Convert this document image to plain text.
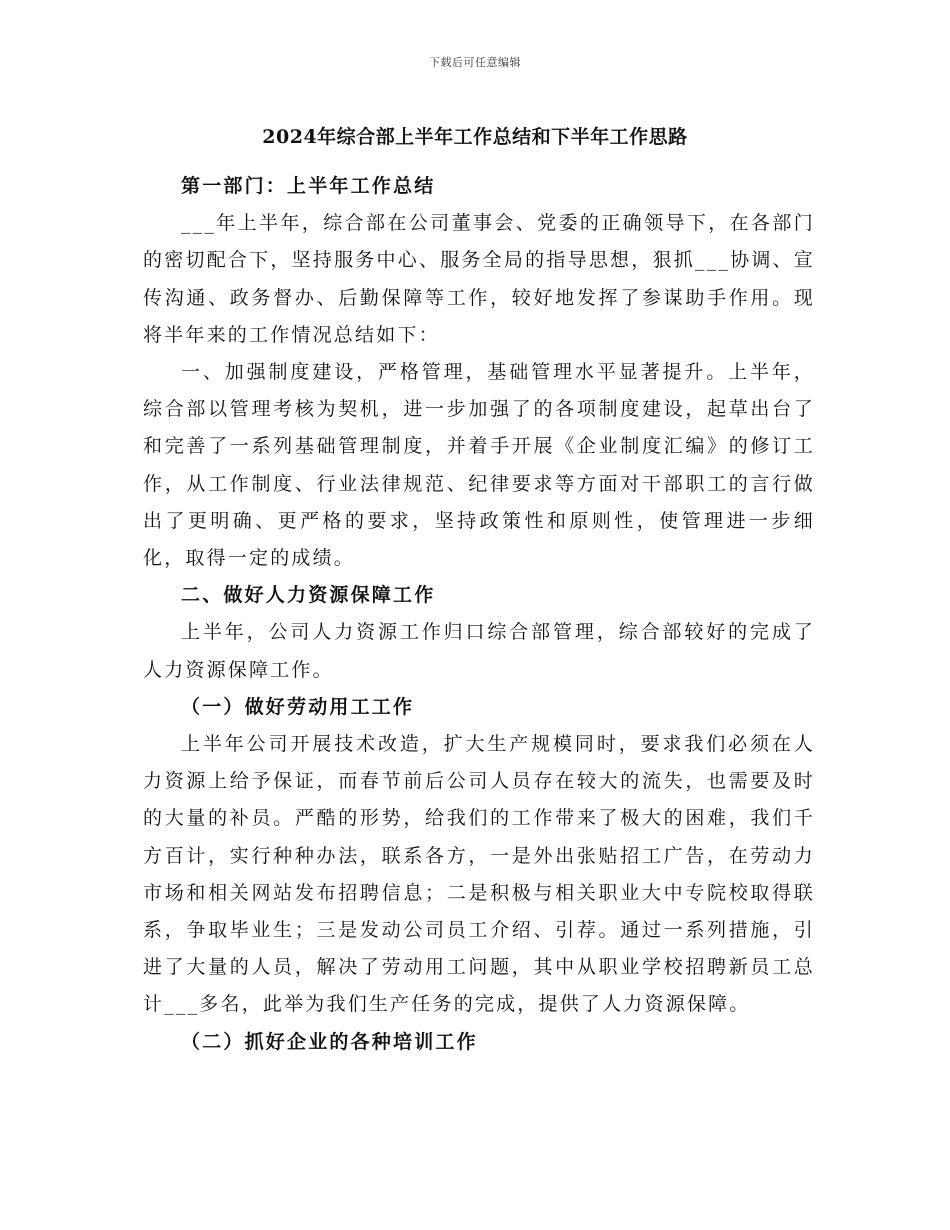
下载后可任意编辑
2024年综合部上半年工作总结和下半年工作思路

第一部门：上半年工作总结

___年上半年，综合部在公司董事会、党委的正确领导下，在各部门的密切配合下，坚持服务中心、服务全局的指导思想，狠抓___协调、宣传沟通、政务督办、后勤保障等工作，较好地发挥了参谋助手作用。现将半年来的工作情况总结如下：

一、加强制度建设，严格管理，基础管理水平显著提升。上半年，综合部以管理考核为契机，进一步加强了的各项制度建设，起草出台了和完善了一系列基础管理制度，并着手开展《企业制度汇编》的修订工作，从工作制度、行业法律规范、纪律要求等方面对干部职工的言行做出了更明确、更严格的要求，坚持政策性和原则性，使管理进一步细化，取得一定的成绩。

二、做好人力资源保障工作

上半年，公司人力资源工作归口综合部管理，综合部较好的完成了人力资源保障工作。

（一）做好劳动用工工作

上半年公司开展技术改造，扩大生产规模同时，要求我们必须在人力资源上给予保证，而春节前后公司人员存在较大的流失，也需要及时的大量的补员。严酷的形势，给我们的工作带来了极大的困难，我们千方百计，实行种种办法，联系各方，一是外出张贴招工广告，在劳动力市场和相关网站发布招聘信息；二是积极与相关职业大中专院校取得联系，争取毕业生；三是发动公司员工介绍、引荐。通过一系列措施，引进了大量的人员，解决了劳动用工问题，其中从职业学校招聘新员工总计___多名，此举为我们生产任务的完成，提供了人力资源保障。

（二）抓好企业的各种培训工作
